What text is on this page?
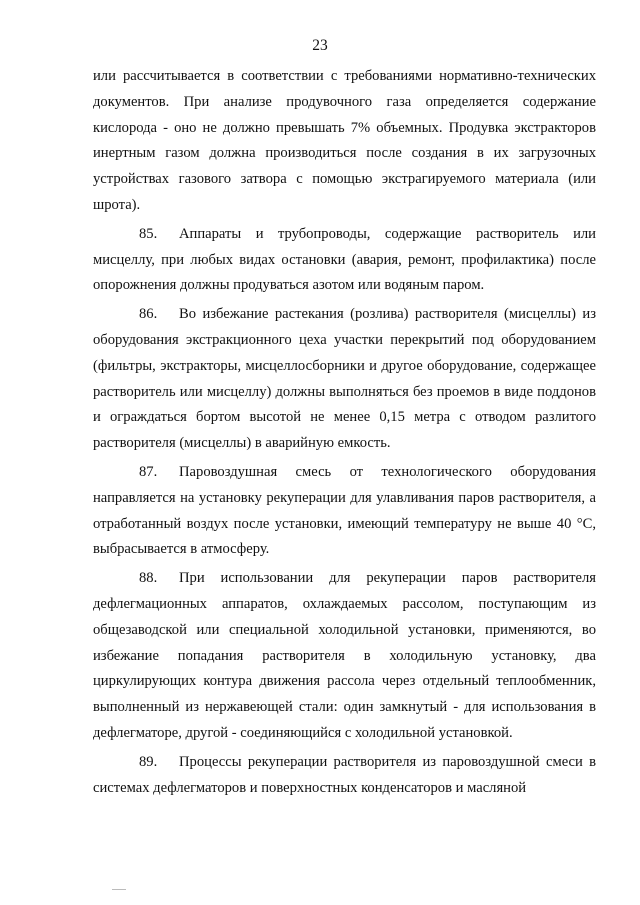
23

или рассчитывается в соответствии с требованиями нормативно-технических документов. При анализе продувочного газа определяется содержание кислорода - оно не должно превышать 7% объемных. Продувка экстракторов инертным газом должна производиться после создания в их загрузочных устройствах газового затвора с помощью экстрагируемого материала (или шрота).

85. Аппараты и трубопроводы, содержащие растворитель или мисцеллу, при любых видах остановки (авария, ремонт, профилактика) после опорожнения должны продуваться азотом или водяным паром.

86. Во избежание растекания (розлива) растворителя (мисцеллы) из оборудования экстракционного цеха участки перекрытий под оборудованием (фильтры, экстракторы, мисцеллосборники и другое оборудование, содержащее растворитель или мисцеллу) должны выполняться без проемов в виде поддонов и ограждаться бортом высотой не менее 0,15 метра с отводом разлитого растворителя (мисцеллы) в аварийную емкость.

87. Паровоздушная смесь от технологического оборудования направляется на установку рекуперации для улавливания паров растворителя, а отработанный воздух после установки, имеющий температуру не выше 40 °С, выбрасывается в атмосферу.

88. При использовании для рекуперации паров растворителя дефлегмационных аппаратов, охлаждаемых рассолом, поступающим из общезаводской или специальной холодильной установки, применяются, во избежание попадания растворителя в холодильную установку, два циркулирующих контура движения рассола через отдельный теплообменник, выполненный из нержавеющей стали: один замкнутый - для использования в дефлегматоре, другой - соединяющийся с холодильной установкой.

89. Процессы рекуперации растворителя из паровоздушной смеси в системах дефлегматоров и поверхностных конденсаторов и масляной
